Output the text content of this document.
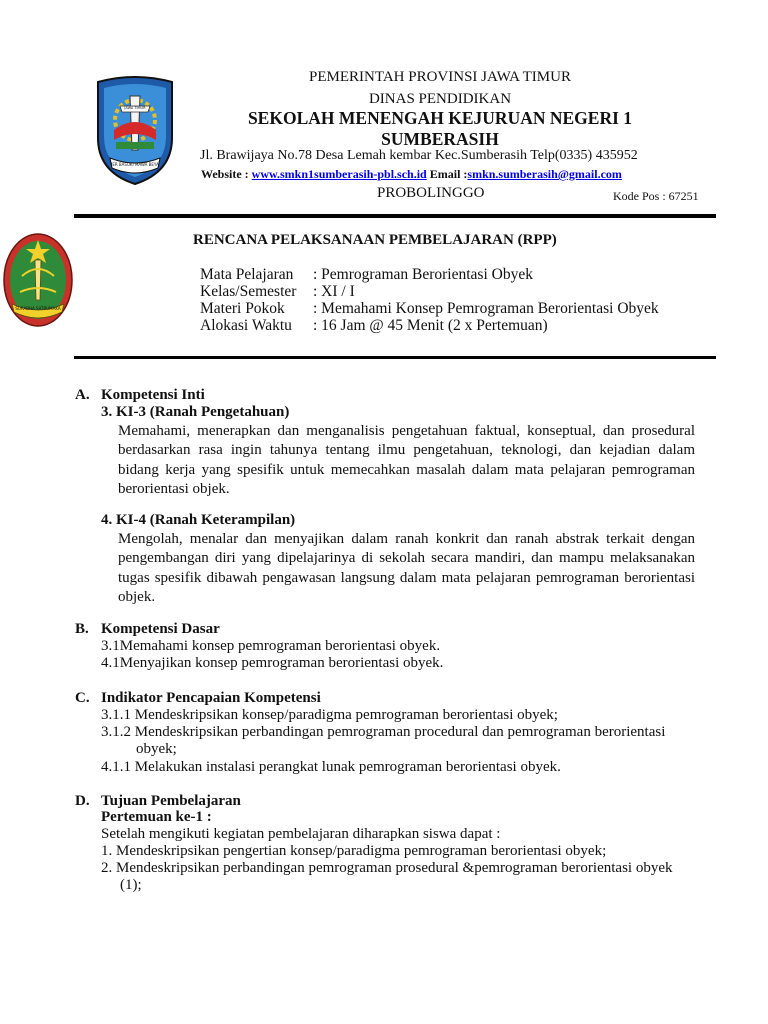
JER BASUKI MAWA BEYA
JAWA TIMUR
PEMERINTAH PROVINSI JAWA TIMUR
DINAS PENDIDIKAN
SEKOLAH MENENGAH KEJURUAN NEGERI 1
SUMBERASIH
Jl. Brawijaya No.78 Desa Lemah kembar Kec.Sumberasih Telp(0335) 435952
Website : www.smkn1sumberasih-pbl.sch.id Email :smkn.sumberasih@gmail.com
PROBOLINGGO	Kode Pos : 67251
SURABHA SATRUMAKA
RENCANA PELAKSANAAN PEMBELAJARAN (RPP)
Mata Pelajaran : Pemrograman Berorientasi Obyek
Kelas/Semester : XI / I
Materi Pokok : Memahami Konsep Pemrograman Berorientasi Obyek
Alokasi Waktu : 16 Jam @ 45 Menit (2 x Pertemuan)
A. Kompetensi Inti
3. KI-3 (Ranah Pengetahuan)
Memahami, menerapkan dan menganalisis pengetahuan faktual, konseptual, dan prosedural berdasarkan rasa ingin tahunya tentang ilmu pengetahuan, teknologi, dan kejadian dalam bidang kerja yang spesifik untuk memecahkan masalah dalam mata pelajaran pemrograman berorientasi objek.
4. KI-4 (Ranah Keterampilan)
Mengolah, menalar dan menyajikan dalam ranah konkrit dan ranah abstrak terkait dengan pengembangan diri yang dipelajarinya di sekolah secara mandiri, dan mampu melaksanakan tugas spesifik dibawah pengawasan langsung dalam mata pelajaran pemrograman berorientasi objek.
B. Kompetensi Dasar
3.1Memahami konsep pemrograman berorientasi obyek.
4.1Menyajikan konsep pemrograman berorientasi obyek.
C. Indikator Pencapaian Kompetensi
3.1.1 Mendeskripsikan konsep/paradigma pemrograman berorientasi obyek;
3.1.2 Mendeskripsikan perbandingan pemrograman procedural dan pemrograman berorientasi
obyek;
4.1.1 Melakukan instalasi perangkat lunak pemrograman berorientasi obyek.
D. Tujuan Pembelajaran
Pertemuan ke-1 :
Setelah mengikuti kegiatan pembelajaran diharapkan siswa dapat :
1. Mendeskripsikan pengertian konsep/paradigma pemrograman berorientasi obyek;
2. Mendeskripsikan perbandingan pemrograman prosedural &pemrograman berorientasi obyek
(1);
